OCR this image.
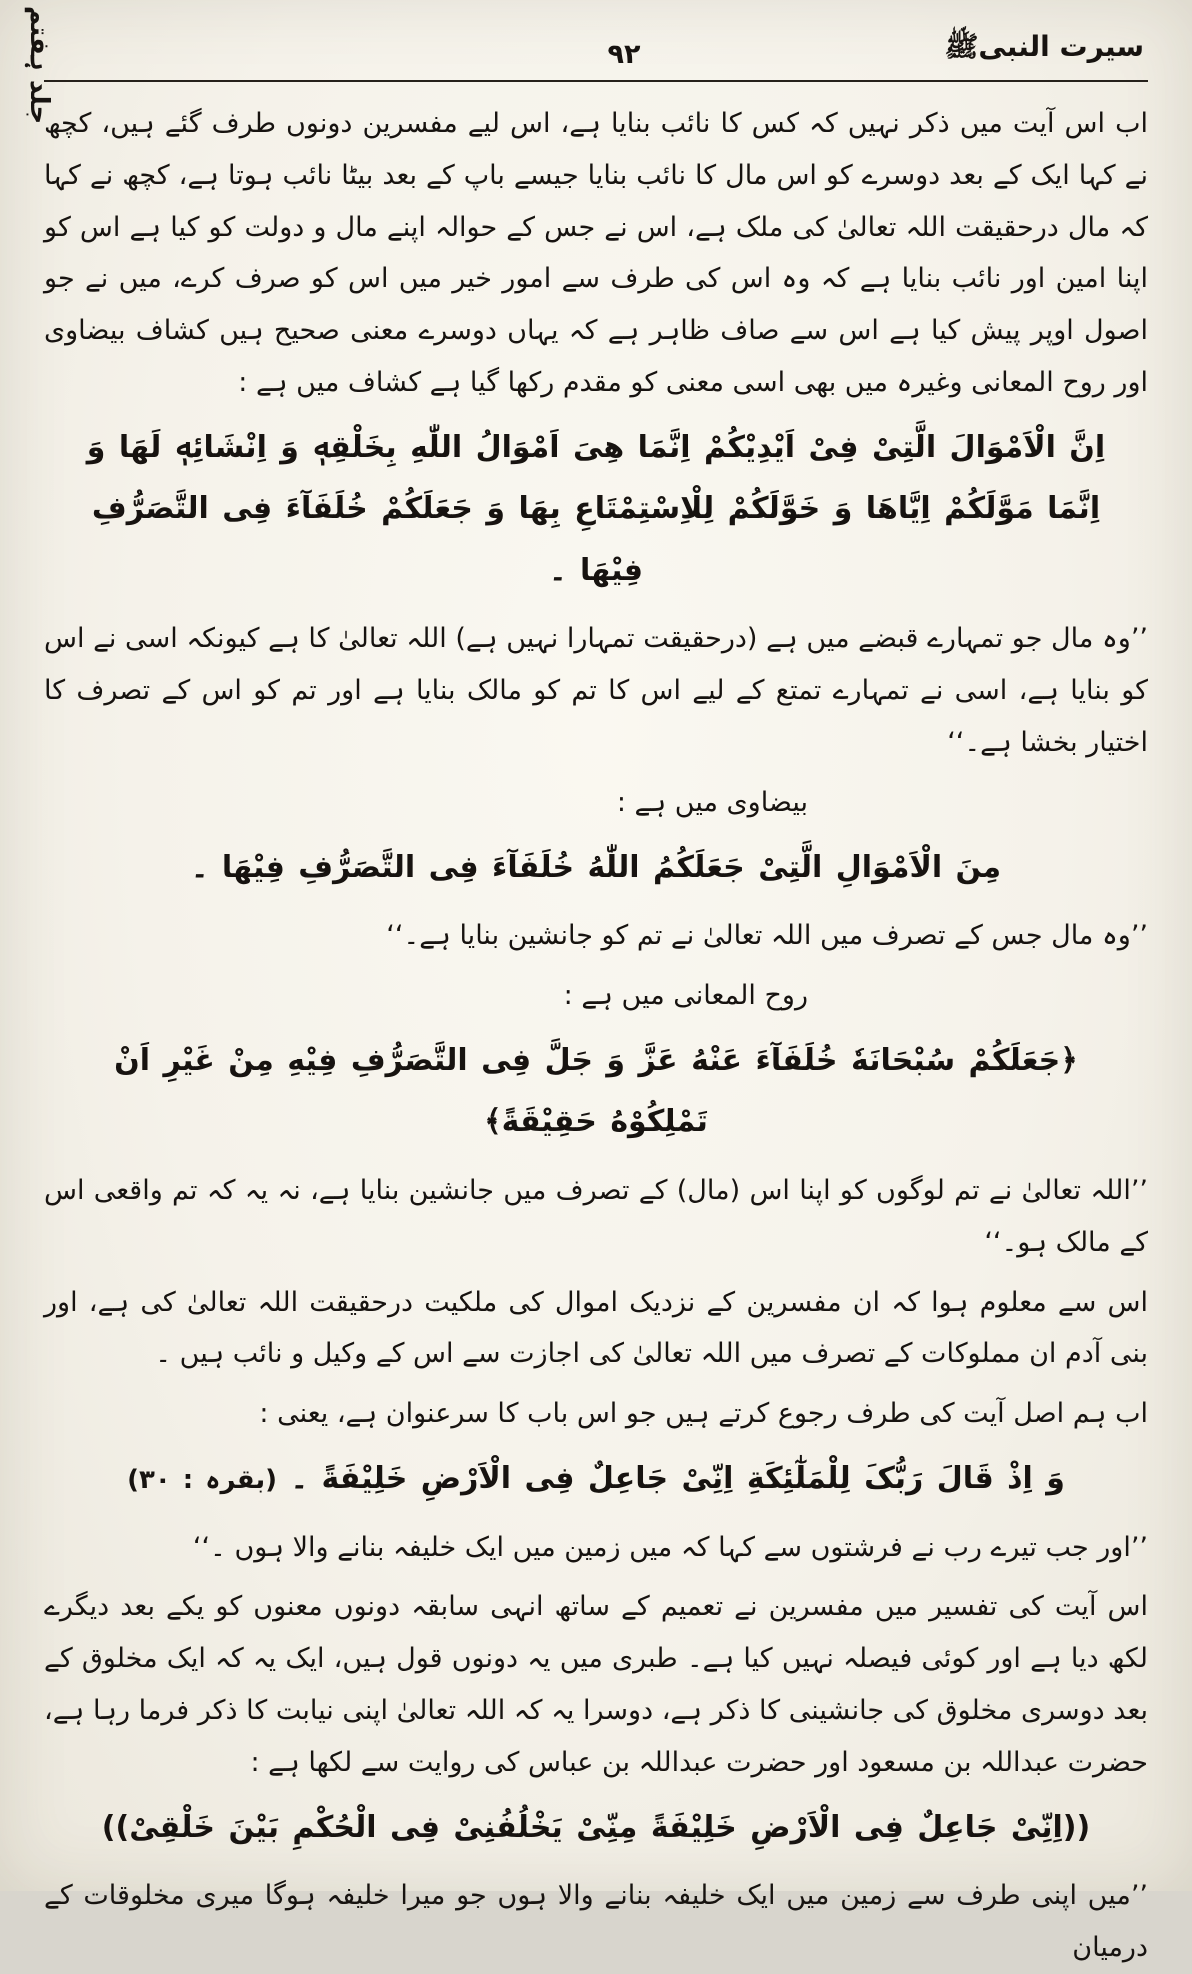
جلد ہفتم	سیرت النبیﷺ
٩٢

اب اس آیت میں ذکر نہیں کہ کس کا نائب بنایا ہے، اس لیے مفسرین دونوں طرف گئے ہیں، کچھ نے کہا ایک کے بعد دوسرے کو اس مال کا نائب بنایا جیسے باپ کے بعد بیٹا نائب ہوتا ہے، کچھ نے کہا کہ مال درحقیقت اللہ تعالیٰ کی ملک ہے، اس نے جس کے حوالہ اپنے مال و دولت کو کیا ہے اس کو اپنا امین اور نائب بنایا ہے کہ وہ اس کی طرف سے امور خیر میں اس کو صرف کرے، میں نے جو اصول اوپر پیش کیا ہے اس سے صاف ظاہر ہے کہ یہاں دوسرے معنی صحیح ہیں کشاف بیضاوی اور روح المعانی وغیرہ میں بھی اسی معنی کو مقدم رکھا گیا ہے کشاف میں ہے :

اِنَّ الْاَمْوَالَ الَّتِیْ فِیْ اَیْدِیْکُمْ اِنَّمَا هِیَ اَمْوَالُ اللّٰهِ بِخَلْقِهٖ وَ اِنْشَائِهٖ لَهَا وَ اِنَّمَا مَوَّلَکُمْ اِیَّاهَا وَ خَوَّلَکُمْ لِلْاِسْتِمْتَاعِ بِهَا وَ جَعَلَکُمْ خُلَفَآءَ فِی التَّصَرُّفِ فِیْهَا ۔

’’وہ مال جو تمہارے قبضے میں ہے (درحقیقت تمہارا نہیں ہے) اللہ تعالیٰ کا ہے کیونکہ اسی نے اس کو بنایا ہے، اسی نے تمہارے تمتع کے لیے اس کا تم کو مالک بنایا ہے اور تم کو اس کے تصرف کا اختیار بخشا ہے۔‘‘

بیضاوی میں ہے :

مِنَ الْاَمْوَالِ الَّتِیْ جَعَلَکُمُ اللّٰهُ خُلَفَآءَ فِی التَّصَرُّفِ فِیْهَا ۔

’’وہ مال جس کے تصرف میں اللہ تعالیٰ نے تم کو جانشین بنایا ہے۔‘‘

روح المعانی میں ہے :

﴿جَعَلَکُمْ سُبْحَانَهٗ خُلَفَآءَ عَنْهُ عَزَّ وَ جَلَّ فِی التَّصَرُّفِ فِیْهِ مِنْ غَیْرِ اَنْ تَمْلِکُوْهُ حَقِیْقَةً﴾

’’اللہ تعالیٰ نے تم لوگوں کو اپنا اس (مال) کے تصرف میں جانشین بنایا ہے، نہ یہ کہ تم واقعی اس کے مالک ہو۔‘‘

اس سے معلوم ہوا کہ ان مفسرین کے نزدیک اموال کی ملکیت درحقیقت اللہ تعالیٰ کی ہے، اور بنی آدم ان مملوکات کے تصرف میں اللہ تعالیٰ کی اجازت سے اس کے وکیل و نائب ہیں ۔

اب ہم اصل آیت کی طرف رجوع کرتے ہیں جو اس باب کا سرعنوان ہے، یعنی :

وَ اِذْ قَالَ رَبُّکَ لِلْمَلٰٓئِکَةِ اِنِّیْ جَاعِلٌ فِی الْاَرْضِ خَلِیْفَةً ۔ (بقرہ : ۳۰)

’’اور جب تیرے رب نے فرشتوں سے کہا کہ میں زمین میں ایک خلیفہ بنانے والا ہوں ۔‘‘

اس آیت کی تفسیر میں مفسرین نے تعمیم کے ساتھ انہی سابقہ دونوں معنوں کو یکے بعد دیگرے لکھ دیا ہے اور کوئی فیصلہ نہیں کیا ہے۔ طبری میں یہ دونوں قول ہیں، ایک یہ کہ ایک مخلوق کے بعد دوسری مخلوق کی جانشینی کا ذکر ہے، دوسرا یہ کہ اللہ تعالیٰ اپنی نیابت کا ذکر فرما رہا ہے، حضرت عبداللہ بن مسعود اور حضرت عبداللہ بن عباس کی روایت سے لکھا ہے :

((اِنِّیْ جَاعِلٌ فِی الْاَرْضِ خَلِیْفَةً مِنِّیْ یَخْلُفُنِیْ فِی الْحُکْمِ بَیْنَ خَلْقِیْ))

’’میں اپنی طرف سے زمین میں ایک خلیفہ بنانے والا ہوں جو میرا خلیفہ ہوگا میری مخلوقات کے درمیان
